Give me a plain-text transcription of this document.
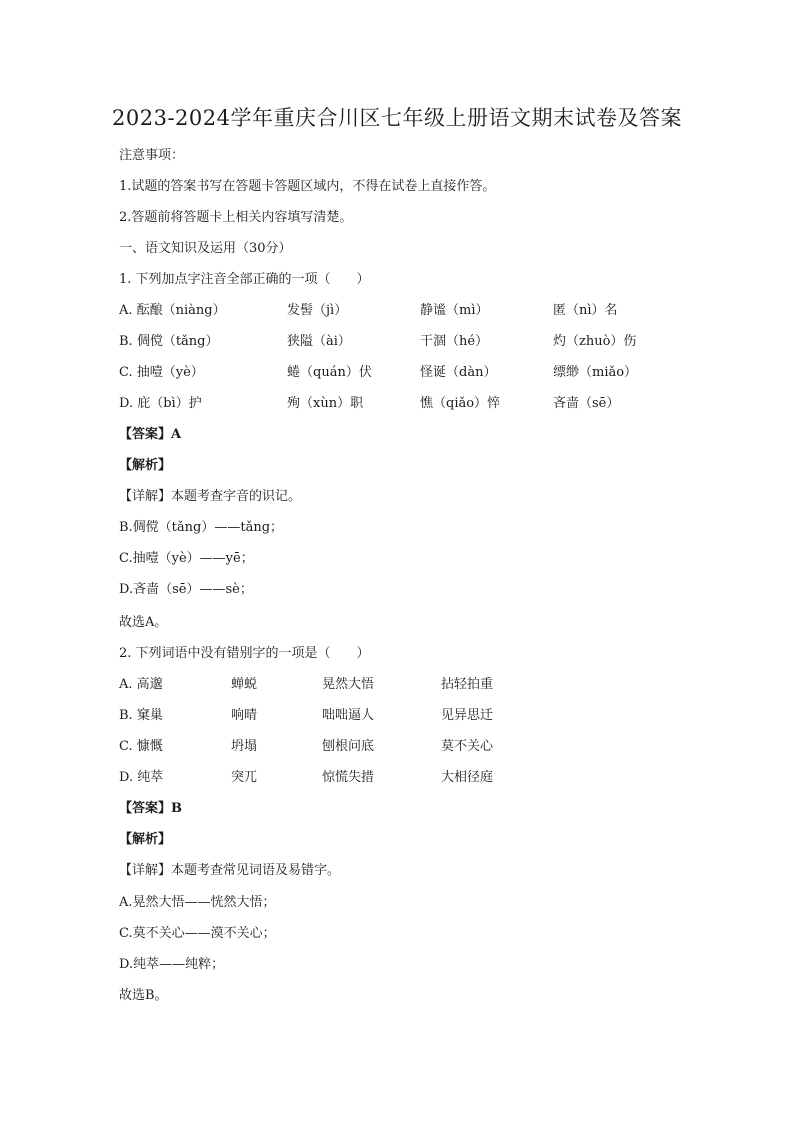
2023-2024学年重庆合川区七年级上册语文期末试卷及答案
注意事项：
1.试题的答案书写在答题卡答题区域内，不得在试卷上直接作答。
2.答题前将答题卡上相关内容填写清楚。
一、语文知识及运用（30分）
1. 下列加点字注音全部正确的一项（　　）
A. 酝酿（niàng）	发髻（jì）	静谧（mì）	匿（nì）名
B. 倜傥（tǎng）	狭隘（ài）	干涸（hé）	灼（zhuò）伤
C. 抽噎（yè）	蜷（quán）伏	怪诞（dàn）	缥缈（miǎo）
D. 庇（bì）护	殉（xùn）职	憔（qiǎo）悴	吝啬（sē）
【答案】A
【解析】
【详解】本题考查字音的识记。
B.倜傥（tǎng）——tǎng；
C.抽噎（yè）——yē；
D.吝啬（sē）——sè；
故选A。
2. 下列词语中没有错别字的一项是（　　）
A. 高邈	蝉蜕	晃然大悟	拈轻拍重
B. 窠巢	响晴	咄咄逼人	见异思迁
C. 慷慨	坍塌	刨根问底	莫不关心
D. 纯萃	突兀	惊慌失措	大相径庭
【答案】B
【解析】
【详解】本题考查常见词语及易错字。
A.晃然大悟——恍然大悟；
C.莫不关心——漠不关心；
D.纯萃——纯粹；
故选B。
